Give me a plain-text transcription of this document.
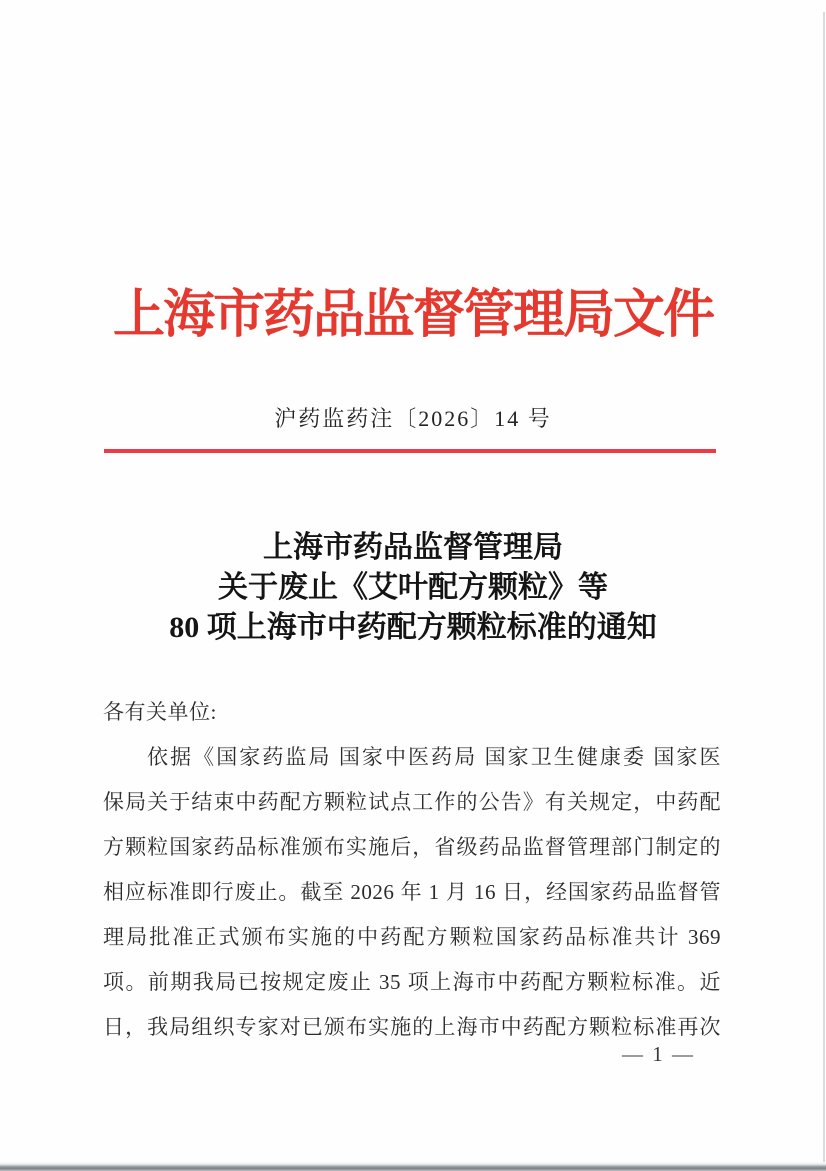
上海市药品监督管理局文件
沪药监药注〔2026〕14 号
上海市药品监督管理局
关于废止《艾叶配方颗粒》等
80 项上海市中药配方颗粒标准的通知
各有关单位:
依据《国家药监局 国家中医药局 国家卫生健康委 国家医
保局关于结束中药配方颗粒试点工作的公告》有关规定，中药配
方颗粒国家药品标准颁布实施后，省级药品监督管理部门制定的
相应标准即行废止。截至 2026 年 1 月 16 日，经国家药品监督管
理局批准正式颁布实施的中药配方颗粒国家药品标准共计 369
项。前期我局已按规定废止 35 项上海市中药配方颗粒标准。近
日，我局组织专家对已颁布实施的上海市中药配方颗粒标准再次
— 1 —
